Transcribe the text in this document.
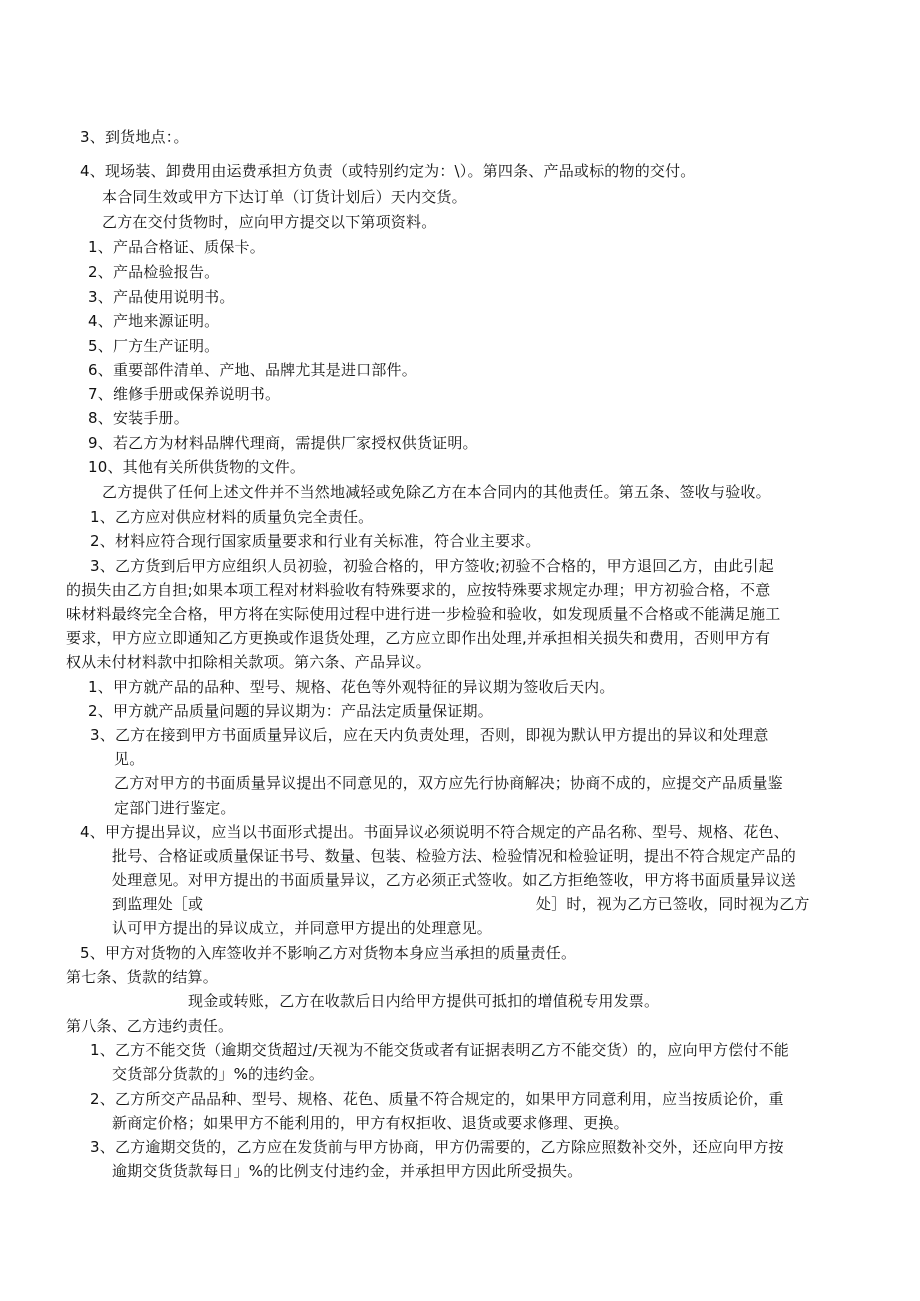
3、到货地点：。
4、现场装、卸费用由运费承担方负责（或特别约定为：\）。第四条、产品或标的物的交付。
本合同生效或甲方下达订单（订货计划后）天内交货。
乙方在交付货物时，应向甲方提交以下第项资料。
1、产品合格证、质保卡。
2、产品检验报告。
3、产品使用说明书。
4、产地来源证明。
5、厂方生产证明。
6、重要部件清单、产地、品牌尤其是进口部件。
7、维修手册或保养说明书。
8、安装手册。
9、若乙方为材料品牌代理商，需提供厂家授权供货证明。
10、其他有关所供货物的文件。
乙方提供了任何上述文件并不当然地减轻或免除乙方在本合同内的其他责任。第五条、签收与验收。
1、乙方应对供应材料的质量负完全责任。
2、材料应符合现行国家质量要求和行业有关标准，符合业主要求。
3、乙方货到后甲方应组织人员初验，初验合格的，甲方签收;初验不合格的，甲方退回乙方，由此引起
的损失由乙方自担;如果本项工程对材料验收有特殊要求的，应按特殊要求规定办理；甲方初验合格，不意
味材料最终完全合格，甲方将在实际使用过程中进行进一步检验和验收，如发现质量不合格或不能满足施工
要求，甲方应立即通知乙方更换或作退货处理，乙方应立即作出处理,并承担相关损失和费用，否则甲方有
权从未付材料款中扣除相关款项。第六条、产品异议。
1、甲方就产品的品种、型号、规格、花色等外观特征的异议期为签收后天内。
2、甲方就产品质量问题的异议期为：产品法定质量保证期。
3、乙方在接到甲方书面质量异议后，应在天内负责处理，否则，即视为默认甲方提出的异议和处理意
见。
乙方对甲方的书面质量异议提出不同意见的，双方应先行协商解决；协商不成的，应提交产品质量鉴
定部门进行鉴定。
4、甲方提出异议，应当以书面形式提出。书面异议必须说明不符合规定的产品名称、型号、规格、花色、
批号、合格证或质量保证书号、数量、包装、检验方法、检验情况和检验证明，提出不符合规定产品的
处理意见。对甲方提出的书面质量异议，乙方必须正式签收。如乙方拒绝签收，甲方将书面质量异议送
到监理处［或	处］时，视为乙方已签收，同时视为乙方
认可甲方提出的异议成立，并同意甲方提出的处理意见。
5、甲方对货物的入库签收并不影响乙方对货物本身应当承担的质量责任。
第七条、货款的结算。
现金或转账，乙方在收款后日内给甲方提供可抵扣的增值税专用发票。
第八条、乙方违约责任。
1、乙方不能交货（逾期交货超过/天视为不能交货或者有证据表明乙方不能交货）的，应向甲方偿付不能
交货部分货款的」%的违约金。
2、乙方所交产品品种、型号、规格、花色、质量不符合规定的，如果甲方同意利用，应当按质论价，重
新商定价格；如果甲方不能利用的，甲方有权拒收、退货或要求修理、更换。
3、乙方逾期交货的，乙方应在发货前与甲方协商，甲方仍需要的，乙方除应照数补交外，还应向甲方按
逾期交货货款每日」%的比例支付违约金，并承担甲方因此所受损失。
